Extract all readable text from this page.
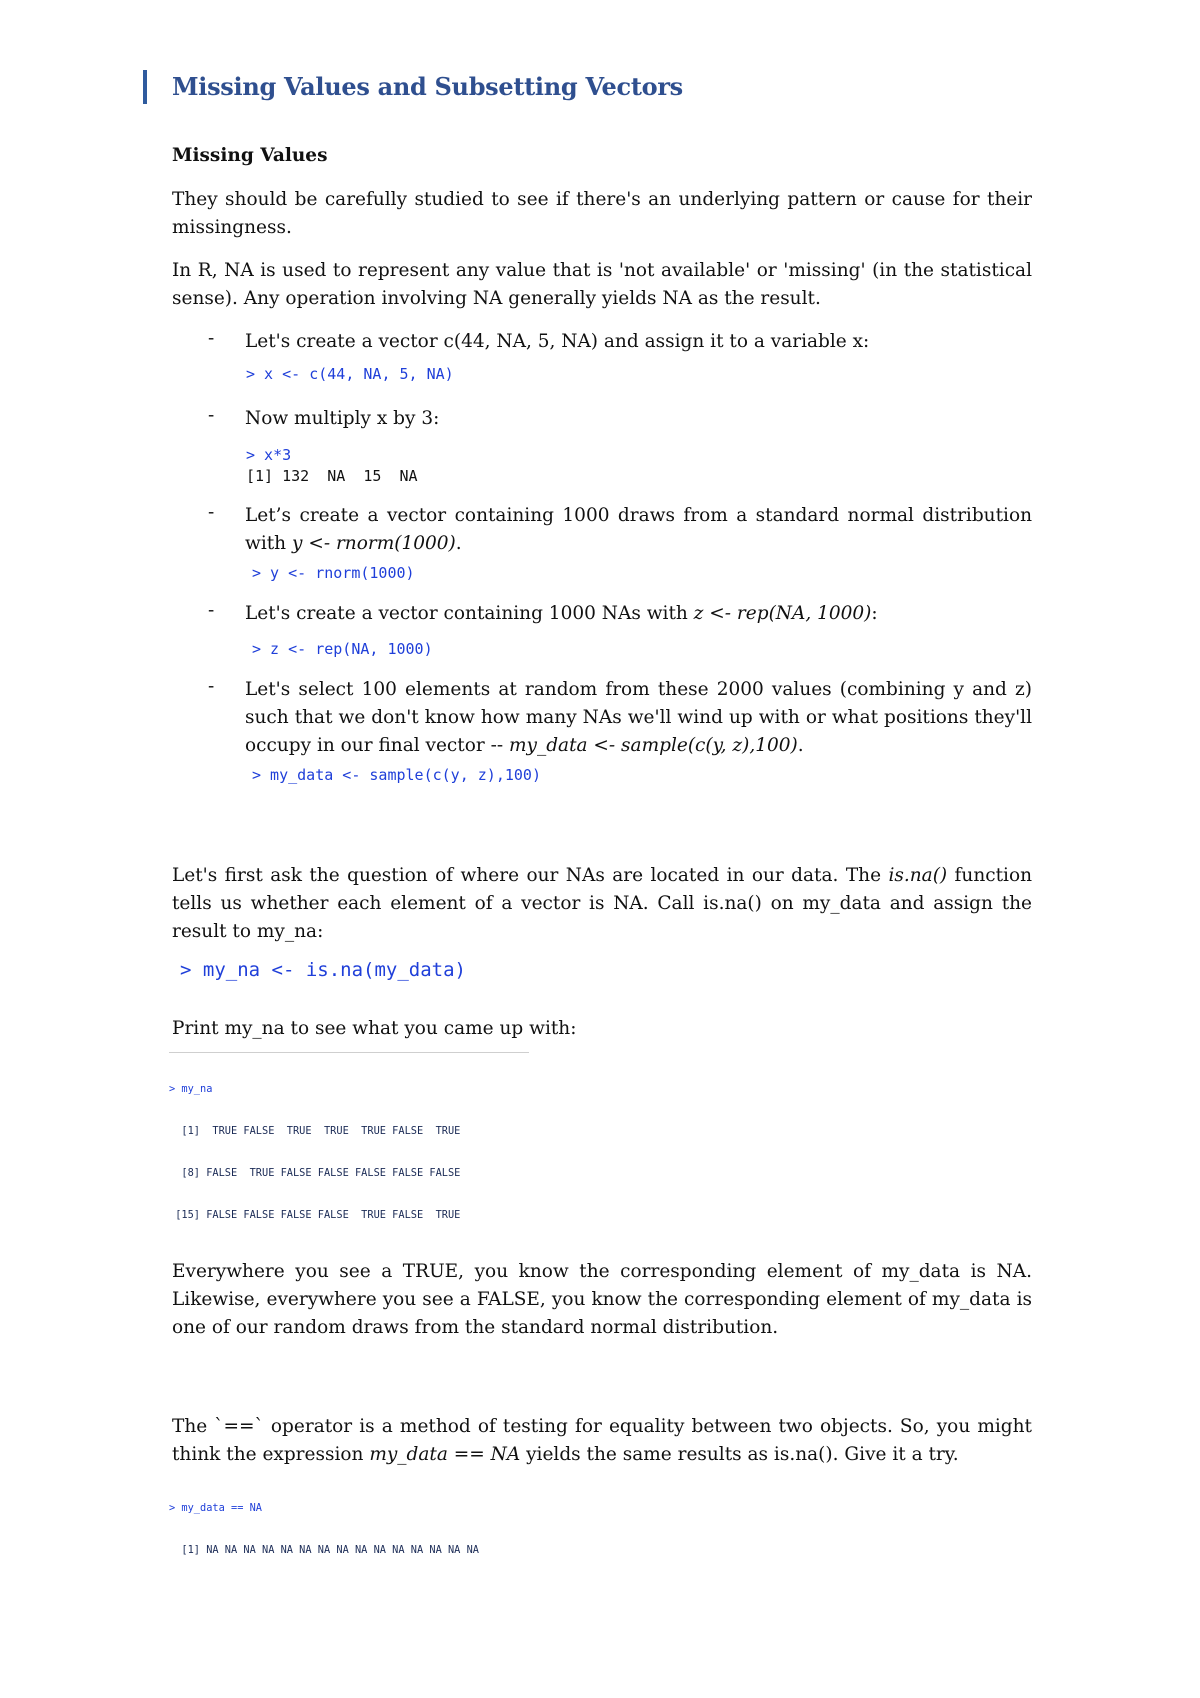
Missing Values and Subsetting Vectors
Missing Values
They should be carefully studied to see if there's an underlying pattern or cause for their missingness.
In R, NA is used to represent any value that is 'not available' or 'missing' (in the statistical sense). Any operation involving NA generally yields NA as the result.
- Let's create a vector c(44, NA, 5, NA) and assign it to a variable x:
> x <- c(44, NA, 5, NA)
- Now multiply x by 3:
> x*3
[1] 132  NA  15  NA
- Let’s create a vector containing 1000 draws from a standard normal distribution with y <- rnorm(1000).
> y <- rnorm(1000)
- Let's create a vector containing 1000 NAs with z <- rep(NA, 1000):
> z <- rep(NA, 1000)
- Let's select 100 elements at random from these 2000 values (combining y and z) such that we don't know how many NAs we'll wind up with or what positions they'll occupy in our final vector -- my_data <- sample(c(y, z),100).
> my_data <- sample(c(y, z),100)
Let's first ask the question of where our NAs are located in our data. The is.na() function tells us whether each element of a vector is NA. Call is.na() on my_data and assign the result to my_na:
> my_na <- is.na(my_data)
Print my_na to see what you came up with:

> my_na

[1]  TRUE FALSE  TRUE  TRUE  TRUE FALSE  TRUE

[8] FALSE  TRUE FALSE FALSE FALSE FALSE FALSE

[15] FALSE FALSE FALSE FALSE  TRUE FALSE  TRUE

Everywhere you see a TRUE, you know the corresponding element of my_data is NA. Likewise, everywhere you see a FALSE, you know the corresponding element of my_data is one of our random draws from the standard normal distribution.
The `==` operator is a method of testing for equality between two objects. So, you might think the expression my_data == NA yields the same results as is.na(). Give it a try.

> my_data == NA

[1] NA NA NA NA NA NA NA NA NA NA NA NA NA NA NA
